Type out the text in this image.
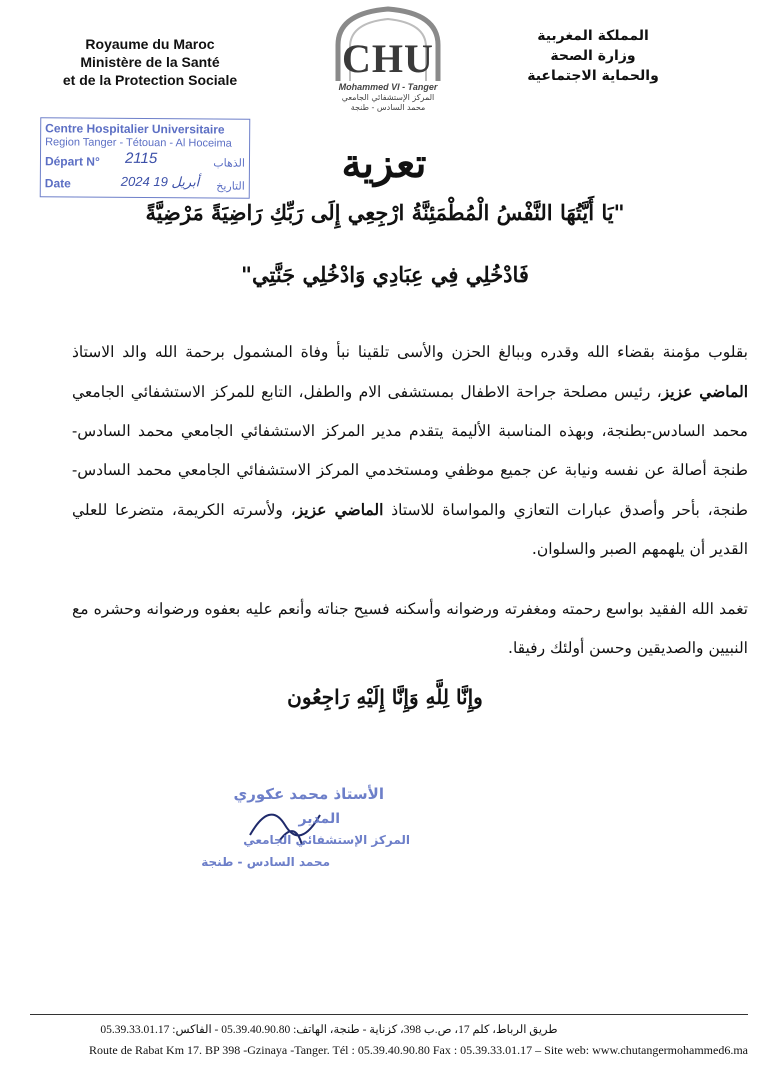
Royaume du Maroc
Ministère de la Santé
et de la Protection Sociale	CHU
Mohammed VI - Tanger
المركز الإستشفائي الجامعي
محمد السادس - طنجة
المملكة المغربية
وزارة الصحة
والحماية الاجتماعية
Centre Hospitalier Universitaire
Region Tanger - Tétouan - Al Hoceima
Départ N° 2115	الذهاب
Date	2024 أبريل 19 التاريخ	تعزية
"يَا أَيَّتُهَا النَّفْسُ الْمُطْمَئِنَّةُ ارْجِعِي إِلَى رَبِّكِ رَاضِيَةً مَرْضِيَّةً
فَادْخُلِي فِي عِبَادِي وَادْخُلِي جَنَّتِي"
بقلوب مؤمنة بقضاء الله وقدره وببالغ الحزن والأسى تلقينا نبأ وفاة المشمول برحمة الله والد الاستاذ الماضي عزيز، رئيس مصلحة جراحة الاطفال بمستشفى الام والطفل، التابع للمركز الاستشفائي الجامعي محمد السادس-بطنجة، وبهذه المناسبة الأليمة يتقدم مدير المركز الاستشفائي الجامعي محمد السادس- طنجة أصالة عن نفسه ونيابة عن جميع موظفي ومستخدمي المركز الاستشفائي الجامعي محمد السادس-طنجة، بأحر وأصدق عبارات التعازي والمواساة للاستاذ الماضي عزيز، ولأسرته الكريمة، متضرعا للعلي القدير أن يلهمهم الصبر والسلوان.
تغمد الله الفقيد بواسع رحمته ومغفرته ورضوانه وأسكنه فسيح جناته وأنعم عليه بعفوه ورضوانه وحشره مع النبيين والصديقين وحسن أولئك رفيقا.
وإِنَّا لِلَّهِ وَإِنَّا إِلَيْهِ رَاجِعُون
الأستاذ محمد عكوري
المدير
المركز الإستشفائي الجامعي
محمد السادس - طنجة
طريق الرباط، كلم 17، ص.ب 398، كزناية - طنجة، الهاتف: 05.39.40.90.80 - الفاكس: 05.39.33.01.17
Route de Rabat Km 17. BP 398 -Gzinaya -Tanger. Tél : 05.39.40.90.80 Fax : 05.39.33.01.17 – Site web: www.chutangermohammed6.ma
